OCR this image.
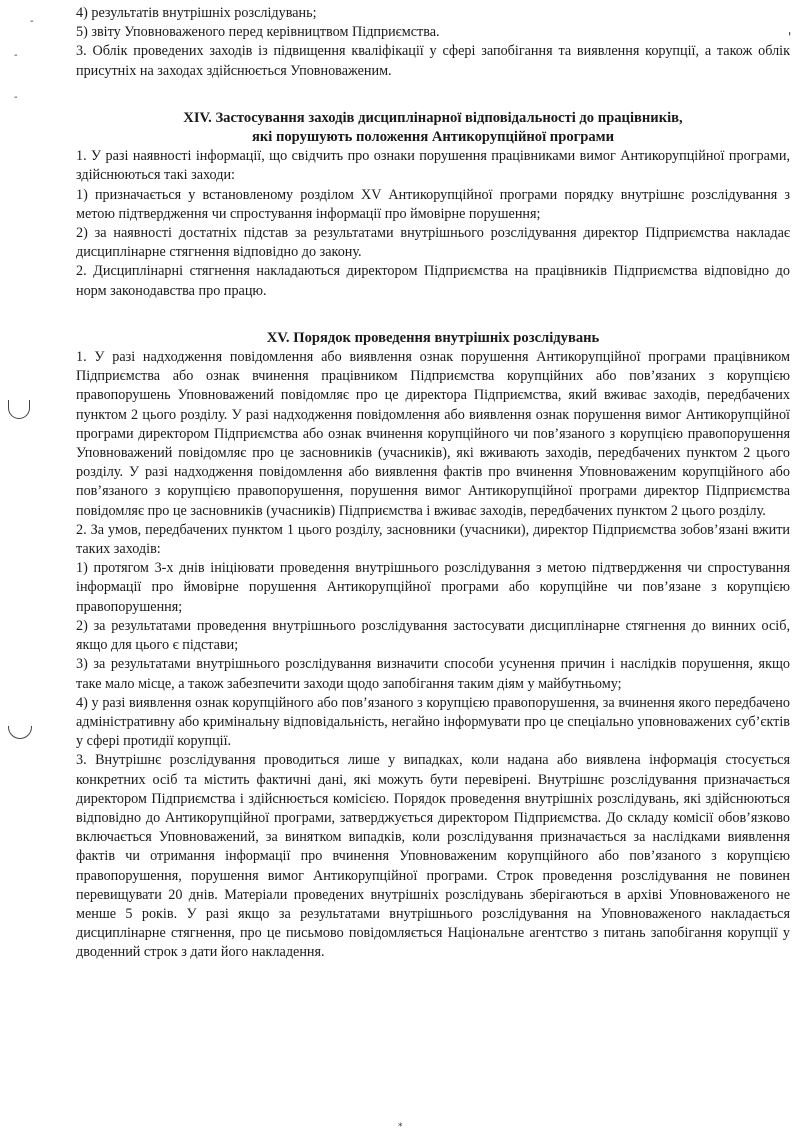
-
'
-
-
*

4) результатів внутрішніх розслідувань;

5) звіту Уповноваженого перед керівництвом Підприємства.

3. Облік проведених заходів із підвищення кваліфікації у сфері запобігання та виявлення корупції, а також облік присутніх на заходах здійснюється Уповноваженим.

XIV. Застосування заходів дисциплінарної відповідальності до працівників,
які порушують положення Антикорупційної програми

1. У разі наявності інформації, що свідчить про ознаки порушення працівниками вимог Антикорупційної програми, здійснюються такі заходи:

1) призначається у встановленому розділом XV Антикорупційної програми порядку внутрішнє розслідування з метою підтвердження чи спростування інформації про ймовірне порушення;

2) за наявності достатніх підстав за результатами внутрішнього розслідування директор Підприємства накладає дисциплінарне стягнення відповідно до закону.

2. Дисциплінарні стягнення накладаються директором Підприємства на працівників Підприємства відповідно до норм законодавства про працю.

XV. Порядок проведення внутрішніх розслідувань

1. У разі надходження повідомлення або виявлення ознак порушення Антикорупційної програми працівником Підприємства або ознак вчинення працівником Підприємства корупційних або пов’язаних з корупцією правопорушень Уповноважений повідомляє про це директора Підприємства, який вживає заходів, передбачених пунктом 2 цього розділу. У разі надходження повідомлення або виявлення ознак порушення вимог Антикорупційної програми директором Підприємства або ознак вчинення корупційного чи пов’язаного з корупцією правопорушення Уповноважений повідомляє про це засновників (учасників), які вживають заходів, передбачених пунктом 2 цього розділу. У разі надходження повідомлення або виявлення фактів про вчинення Уповноваженим корупційного або пов’язаного з корупцією правопорушення, порушення вимог Антикорупційної програми директор Підприємства повідомляє про це засновників (учасників) Підприємства і вживає заходів, передбачених пунктом 2 цього розділу.

2. За умов, передбачених пунктом 1 цього розділу, засновники (учасники), директор Підприємства зобов’язані вжити таких заходів:

1) протягом 3-х днів ініціювати проведення внутрішнього розслідування з метою підтвердження чи спростування інформації про ймовірне порушення Антикорупційної програми або корупційне чи пов’язане з корупцією правопорушення;

2) за результатами проведення внутрішнього розслідування застосувати дисциплінарне стягнення до винних осіб, якщо для цього є підстави;

3) за результатами внутрішнього розслідування визначити способи усунення причин і наслідків порушення, якщо таке мало місце, а також забезпечити заходи щодо запобігання таким діям у майбутньому;

4) у разі виявлення ознак корупційного або пов’язаного з корупцією правопорушення, за вчинення якого передбачено адміністративну або кримінальну відповідальність, негайно інформувати про це спеціально уповноважених суб’єктів у сфері протидії корупції.

3. Внутрішнє розслідування проводиться лише у випадках, коли надана або виявлена інформація стосується конкретних осіб та містить фактичні дані, які можуть бути перевірені. Внутрішнє розслідування призначається директором Підприємства і здійснюється комісією. Порядок проведення внутрішніх розслідувань, які здійснюються відповідно до Антикорупційної програми, затверджується директором Підприємства. До складу комісії обов’язково включається Уповноважений, за винятком випадків, коли розслідування призначається за наслідками виявлення фактів чи отримання інформації про вчинення Уповноваженим корупційного або пов’язаного з корупцією правопорушення, порушення вимог Антикорупційної програми. Строк проведення розслідування не повинен перевищувати 20 днів. Матеріали проведених внутрішніх розслідувань зберігаються в архіві Уповноваженого не менше 5 років. У разі якщо за результатами внутрішнього розслідування на Уповноваженого накладається дисциплінарне стягнення, про це письмово повідомляється Національне агентство з питань запобігання корупції у дводенний строк з дати його накладення.
